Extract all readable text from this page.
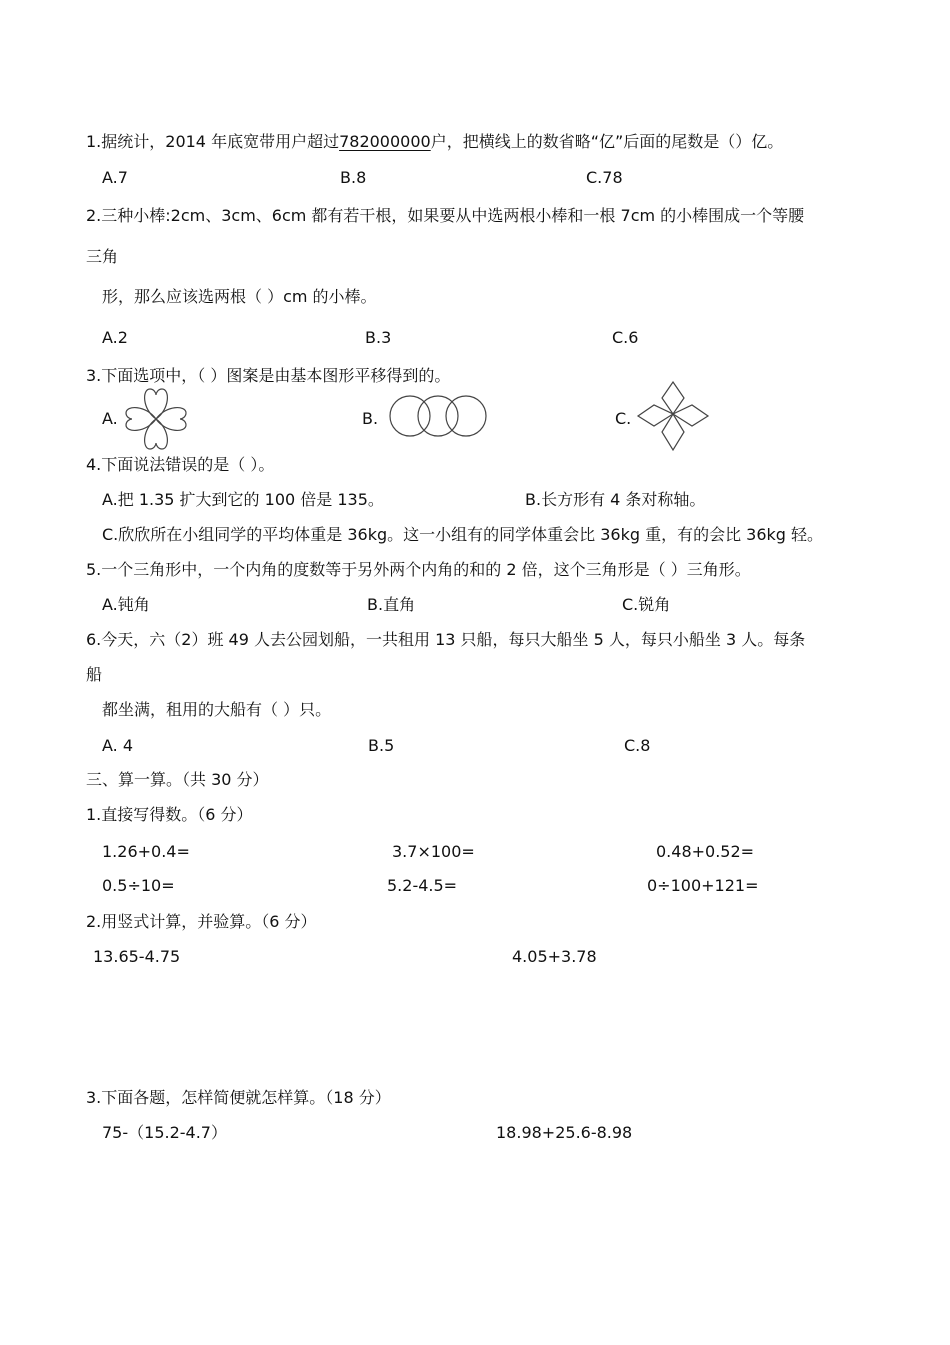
1.据统计，2014 年底宽带用户超过782000000户，把横线上的数省略“亿”后面的尾数是（）亿。
A.7	B.8	C.78
2.三种小棒:2cm、3cm、6cm 都有若干根，如果要从中选两根小棒和一根 7cm 的小棒围成一个等腰
三角
形，那么应该选两根（ ）cm 的小棒。
A.2	B.3	C.6
3.下面选项中，（ ）图案是由基本图形平移得到的。
A.	B.	C.
4.下面说法错误的是（ ）。
A.把 1.35 扩大到它的 100 倍是 135。	B.长方形有 4 条对称轴。
C.欣欣所在小组同学的平均体重是 36kg。这一小组有的同学体重会比 36kg 重，有的会比 36kg 轻。
5.一个三角形中，一个内角的度数等于另外两个内角的和的 2 倍，这个三角形是（ ）三角形。
A.钝角	B.直角	C.锐角
6.今天，六（2）班 49 人去公园划船，一共租用 13 只船，每只大船坐 5 人，每只小船坐 3 人。每条
船
都坐满，租用的大船有（ ）只。
A. 4	B.5	C.8
三、算一算。（共 30 分）
1.直接写得数。（6 分）
1.26+0.4=	3.7×100=	0.48+0.52=
0.5÷10=	5.2-4.5=	0÷100+121=
2.用竖式计算，并验算。（6 分）
13.65-4.75	4.05+3.78
3.下面各题，怎样简便就怎样算。（18 分）
75-（15.2-4.7）	18.98+25.6-8.98
